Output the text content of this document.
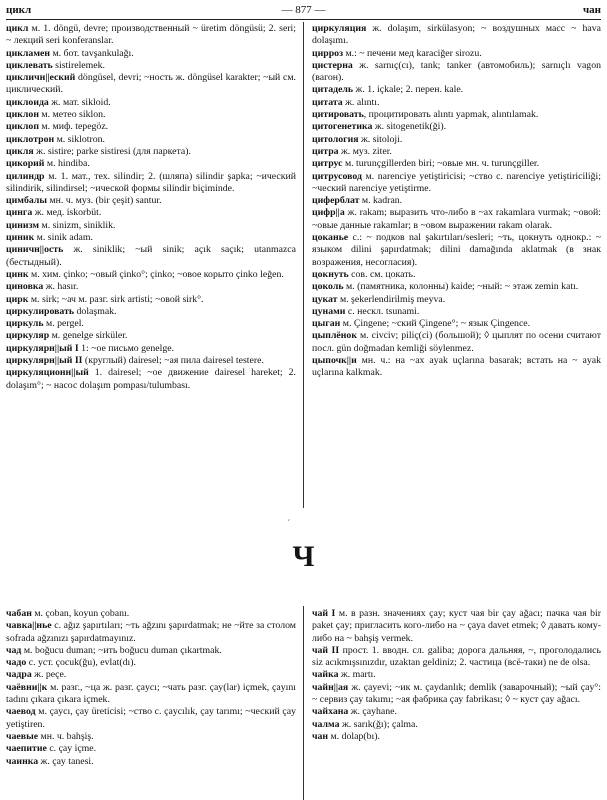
цикл	— 877 —	чан

цикл м. 1. döngü, devre; производственный ~ üretim döngüsü; 2. seri; ~ лекций seri konferanslar.

цикламен м. бот. tavşankulağı.

циклевать sistirelemek.

цикличн||еский döngüsel, devri; ~ность ж. döngüsel karakter; ~ый см. циклический.

циклоида ж. мат. sikloid.

циклон м. метео siklon.

циклоп м. миф. tepegöz.

циклотрон м. siklotron.

цикля ж. sistire; parke sistiresi (для паркета).

цикорий м. hindiba.

цилиндр м. 1. мат., тех. silindir; 2. (шляпа) silindir şapka; ~ический silindirik, silindirsel; ~ической формы silindir biçiminde.

цимбалы мн. ч. муз. (bir çeşit) santur.

цинга ж. мед. iskorbüt.

цинизм м. sinizm, siniklik.

циник м. sinik adam.

циничн||ость ж. siniklik; ~ый sinik; açık saçık; utanmazca (бестыдный).

цинк м. хим. çinko; ~овый çinko°; çinko; ~овое корыто çinko leğen.

циновка ж. hasır.

цирк м. sirk; ~ач м. разг. sirk artisti; ~овой sirk°.

циркулировать dolaşmak.

циркуль м. pergel.

циркуляр м. genelge sirküler.

циркулярн||ый I 1: ~ое письмо genelge.

циркулярн||ый II (круглый) dairesel; ~ая пила dairesel testere.

циркуляционн||ый 1. dairesel; ~ое движение dairesel hareket; 2. dolaşım°; ~ насос dolaşım pompası/tulumbası.

циркуляция ж. dolaşım, sirkülasyon; ~ воздушных масс ~ hava dolaşımı.

цирроз м.: ~ печени мед karaciğer sirozu.

цистерна ж. sarnıç(cı), tank; tanker (автомобиль); sarnıçlı vagon (вагон).

цитадель ж. 1. içkale; 2. перен. kale.

цитата ж. alıntı.

цитировать, процитировать alıntı yapmak, alıntılamak.

цитогенетика ж. sitogenetik(ği).

цитология ж. sitoloji.

цитра ж. муз. ziter.

цитрус м. turunçgillerden biri; ~овые мн. ч. turunçgiller.

цитрусовод м. narenciye yetiştiricisi; ~ство с. narenciye yetiştiriciliği; ~ческий narenciye yetiştirme.

циферблат м. kadran.

цифр||а ж. rakam; выразить что-либо в ~ах rakamlara vurmak; ~овой: ~овые данные rakamlar; в ~овом выражении rakam olarak.

цоканье с.: ~ подков nal şakırtıları/sesleri; ~ть, цокнуть однокр.: ~ языком dilini şapırdatmak; dilini damağında aklatmak (в знак возражения, несогласия).

цокнуть сов. см. цокать.

цоколь м. (памятника, колонны) kaide; ~ный: ~ этаж zemin katı.

цукат м. şekerlendirilmiş meyva.

цунами с. нескл. tsunami.

цыган м. Çingene; ~ский Çingene°; ~ язык Çingence.

цыплёнок м. civciv; piliç(ci) (большой); ◊ цыплят по осени считают посл. gün doğmadan kemliği söylenmez.

цыпочк||и мн. ч.: на ~ах ayak uçlarına basarak; встать на ~ ayak uçlarına kalkmak.

´
Ч

чабан м. çoban, koyun çobanı.

чавка||нье с. ağız şapırtıları; ~ть ağzını şapırdatmak; не ~йте за столом sofrada ağzınızı şapırdatmayınız.

чад м. boğucu duman; ~ить boğucu duman çıkartmak.

чадо с. уст. çocuk(ğu), evlat(dı).

чадра ж. peçe.

чаёвни||к м. разг., ~ца ж. разг. çaycı; ~чать разг. çay(lar) içmek, çayını tadını çıkara çıkara içmek.

чаевод м. çaycı, çay üreticisi; ~ство с. çaycılık, çay tarımı; ~ческий çay yetiştiren.

чаевые мн. ч. bahşiş.

чаепитие с. çay içme.

чаинка ж. çay tanesi.

чай I м. в разн. значениях çay; куст чая bir çay ağacı; пачка чая bir paket çay; пригласить кого-либо на ~ çaya davet etmek; ◊ давать кому-либо на ~ bahşiş vermek.

чай II прост. 1. вводн. сл. galiba; дорога дальняя, ~, проголодались siz acıkmışsınızdır, uzaktan geldiniz; 2. частица (всё-таки) ne de olsa.

чайка ж. martı.

чайн||ая ж. çayevi; ~ик м. çaydanlık; demlik (заварочный); ~ый çay°: ~ сервиз çay takımı; ~ая фабрика çay fabrikası; ◊ ~ куст çay ağacı.

чайхана ж. çayhane.

чалма ж. sarık(ğı); çalma.

чан м. dolap(bı).
